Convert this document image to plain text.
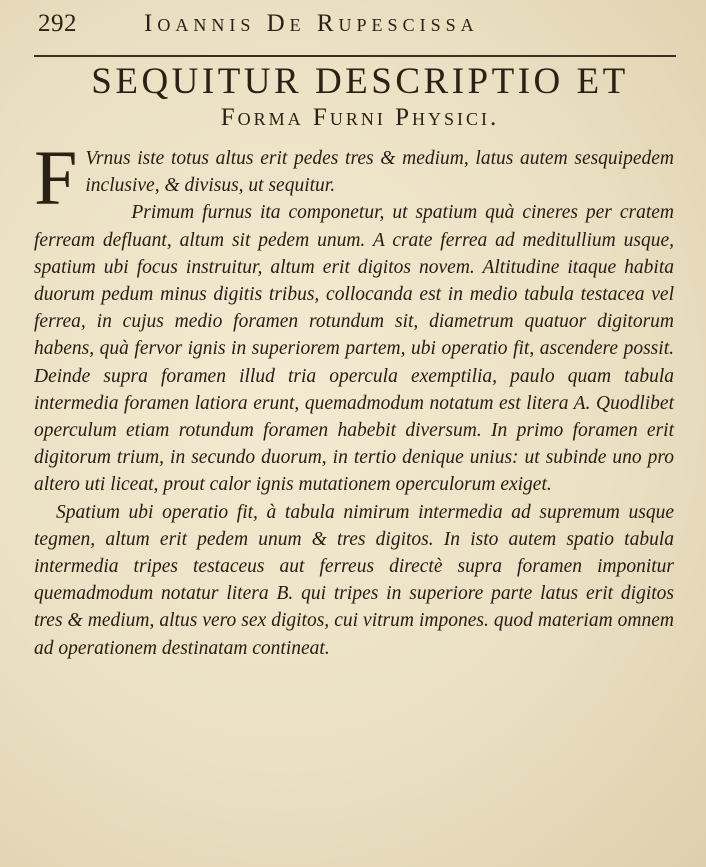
292	Ioannis De Rupescissa
SEQUITUR DESCRIPTIO ET
Forma Furni Physici.

F Vrnus iste totus altus erit pedes tres & medium, latus autem sesquipedem inclusive, & divisus, ut sequitur.

Primum furnus ita componetur, ut spatium quà cineres per cratem ferream defluant, altum sit pedem unum. A crate ferrea ad meditullium usque, spatium ubi focus instruitur, altum erit digitos novem. Altitudine itaque habita duorum pedum minus digitis tribus, collocanda est in medio tabula testacea vel ferrea, in cujus medio foramen rotundum sit, diametrum quatuor digitorum habens, quà fervor ignis in superiorem partem, ubi operatio fit, ascendere possit. Deinde supra foramen illud tria opercula exemptilia, paulo quam tabula intermedia foramen latiora erunt, quemadmodum notatum est litera A. Quodlibet operculum etiam rotundum foramen habebit diversum. In primo foramen erit digitorum trium, in secundo duorum, in tertio denique unius: ut subinde uno pro altero uti liceat, prout calor ignis mutationem operculorum exiget.

Spatium ubi operatio fit, à tabula nimirum intermedia ad supremum usque tegmen, altum erit pedem unum & tres digitos. In isto autem spatio tabula intermedia tripes testaceus aut ferreus directè supra foramen imponitur quemadmodum notatur litera B. qui tripes in superiore parte latus erit digitos tres & medium, altus vero sex digitos, cui vitrum impones. quod materiam omnem ad operationem destinatam contineat.
